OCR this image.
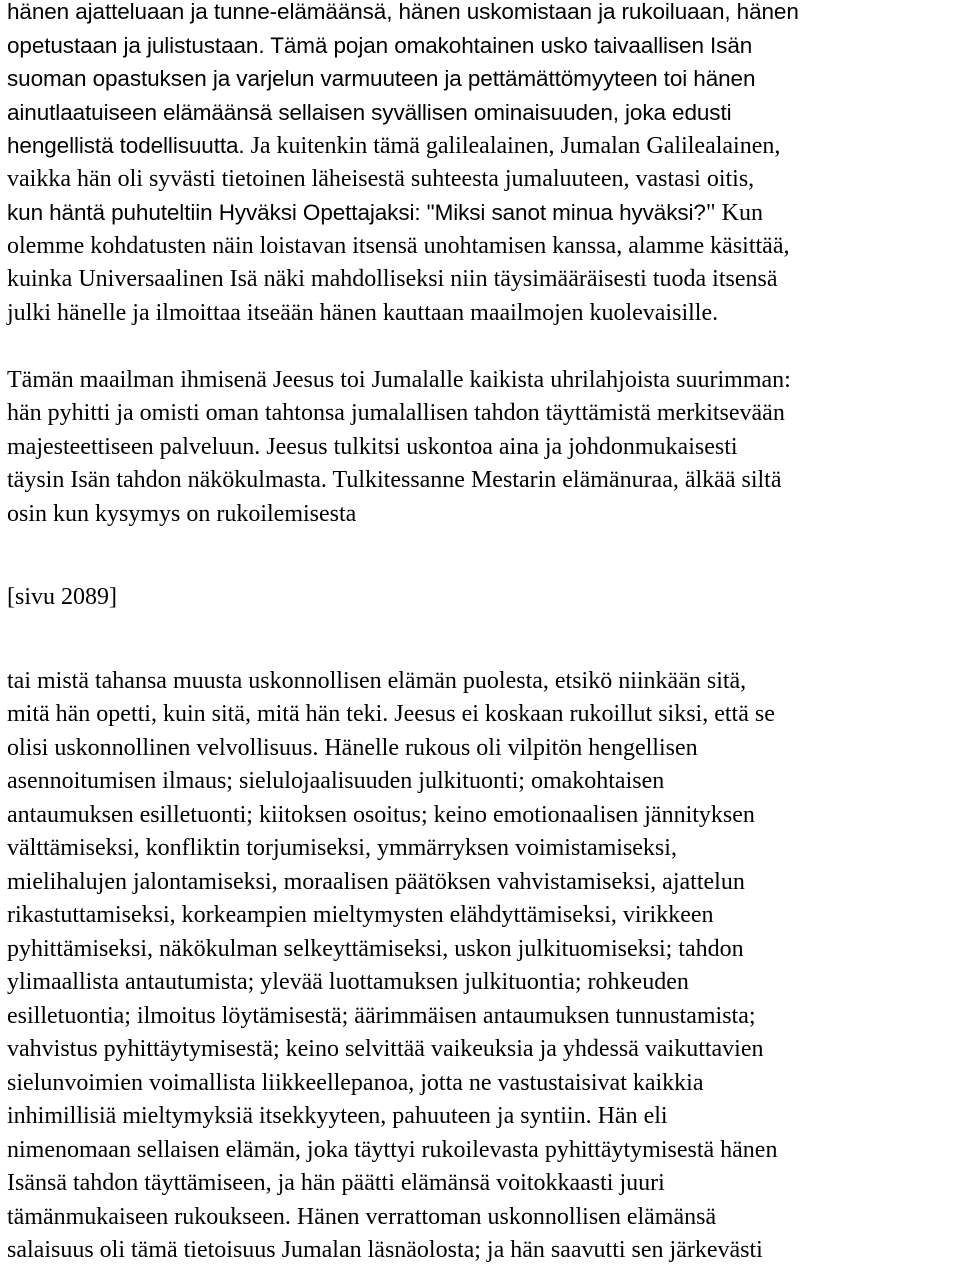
hänen ajatteluaan ja tunne-elämäänsä, hänen uskomistaan ja rukoiluaan, hänen
opetustaan ja julistustaan. Tämä pojan omakohtainen usko taivaallisen Isän
suoman opastuksen ja varjelun varmuuteen ja pettämättömyyteen toi hänen
ainutlaatuiseen elämäänsä sellaisen syvällisen ominaisuuden, joka edusti
hengellistä todellisuutta. Ja kuitenkin tämä galilealainen, Jumalan Galilealainen,
vaikka hän oli syvästi tietoinen läheisestä suhteesta jumaluuteen, vastasi oitis,
kun häntä puhuteltiin Hyväksi Opettajaksi: "Miksi sanot minua hyväksi?" Kun
olemme kohdatusten näin loistavan itsensä unohtamisen kanssa, alamme käsittää,
kuinka Universaalinen Isä näki mahdolliseksi niin täysimääräisesti tuoda itsensä
julki hänelle ja ilmoittaa itseään hänen kauttaan maailmojen kuolevaisille.
Tämän maailman ihmisenä Jeesus toi Jumalalle kaikista uhrilahjoista suurimman:
hän pyhitti ja omisti oman tahtonsa jumalallisen tahdon täyttämistä merkitsevään
majesteettiseen palveluun. Jeesus tulkitsi uskontoa aina ja johdonmukaisesti
täysin Isän tahdon näkökulmasta. Tulkitessanne Mestarin elämänuraa, älkää siltä
osin kun kysymys on rukoilemisesta
[sivu 2089]
tai mistä tahansa muusta uskonnollisen elämän puolesta, etsikö niinkään sitä,
mitä hän opetti, kuin sitä, mitä hän teki. Jeesus ei koskaan rukoillut siksi, että se
olisi uskonnollinen velvollisuus. Hänelle rukous oli vilpitön hengellisen
asennoitumisen ilmaus; sielulojaalisuuden julkituonti; omakohtaisen
antaumuksen esilletuonti; kiitoksen osoitus; keino emotionaalisen jännityksen
välttämiseksi, konfliktin torjumiseksi, ymmärryksen voimistamiseksi,
mielihalujen jalontamiseksi, moraalisen päätöksen vahvistamiseksi, ajattelun
rikastuttamiseksi, korkeampien mieltymysten elähdyttämiseksi, virikkeen
pyhittämiseksi, näkökulman selkeyttämiseksi, uskon julkituomiseksi; tahdon
ylimaallista antautumista; ylevää luottamuksen julkituontia; rohkeuden
esilletuontia; ilmoitus löytämisestä; äärimmäisen antaumuksen tunnustamista;
vahvistus pyhittäytymisestä; keino selvittää vaikeuksia ja yhdessä vaikuttavien
sielunvoimien voimallista liikkeellepanoa, jotta ne vastustaisivat kaikkia
inhimillisiä mieltymyksiä itsekkyyteen, pahuuteen ja syntiin. Hän eli
nimenomaan sellaisen elämän, joka täyttyi rukoilevasta pyhittäytymisestä hänen
Isänsä tahdon täyttämiseen, ja hän päätti elämänsä voitokkaasti juuri
tämänmukaiseen rukoukseen. Hänen verrattoman uskonnollisen elämänsä
salaisuus oli tämä tietoisuus Jumalan läsnäolosta; ja hän saavutti sen järkevästi
